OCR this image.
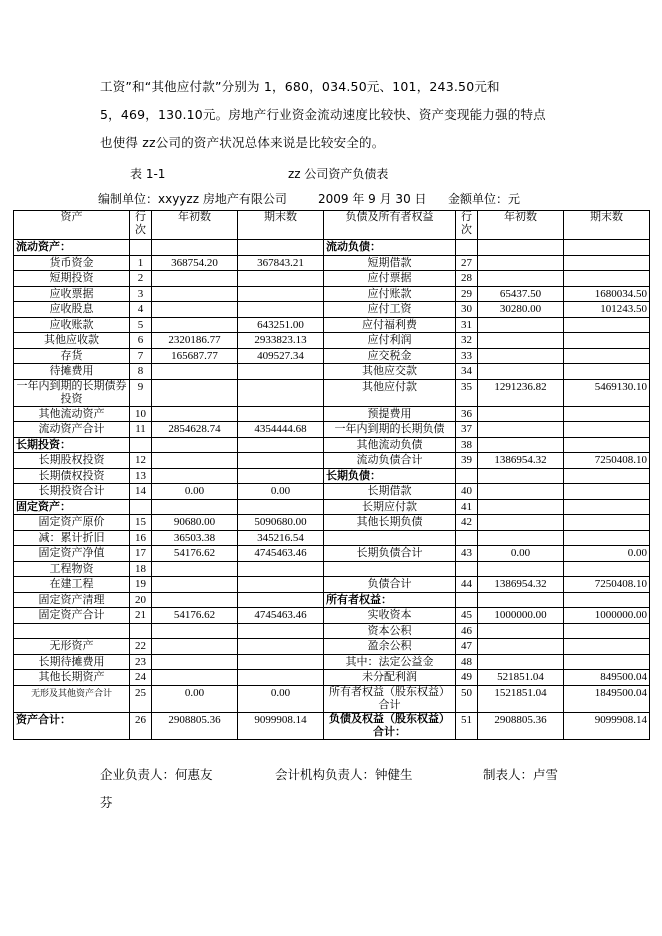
工资”和“其他应付款”分别为 1，680，034.50元、101，243.50元和
5，469，130.10元。房地产行业资金流动速度比较快、资产变现能力强的特点
也使得 zz公司的资产状况总体来说是比较安全的。
表 1-1	zz 公司资产负债表
编制单位：xxyyzz 房地产有限公司	2009 年 9 月 30 日 金额单位：元
资产	行次	年初数	期末数	负债及所有者权益	行次	年初数	期末数
流动资产：				流动负债：			
货币资金	1	368754.20	367843.21	短期借款	27		
短期投资	2			应付票据	28		
应收票据	3			应付账款	29	65437.50	1680034.50
应收股息	4			应付工资	30	30280.00	101243.50
应收账款	5		643251.00	应付福利费	31		
其他应收款	6	2320186.77	2933823.13	应付利润	32		
存货	7	165687.77	409527.34	应交税金	33		
待摊费用	8			其他应交款	34		
一年内到期的长期债券投资	9			其他应付款	35	1291236.82	5469130.10
其他流动资产	10			预提费用	36		
流动资产合计	11	2854628.74	4354444.68	一年内到期的长期负债	37		
长期投资：				其他流动负债	38		
长期股权投资	12			流动负债合计	39	1386954.32	7250408.10
长期债权投资	13			长期负债：			
长期投资合计	14	0.00	0.00	长期借款	40		
固定资产：				长期应付款	41		
固定资产原价	15	90680.00	5090680.00	其他长期负债	42		
减：累计折旧	16	36503.38	345216.54				
固定资产净值	17	54176.62	4745463.46	长期负债合计	43	0.00	0.00
工程物资	18						
在建工程	19			负债合计	44	1386954.32	7250408.10
固定资产清理	20			所有者权益：			
固定资产合计	21	54176.62	4745463.46	实收资本	45	1000000.00	1000000.00
				资本公积	46		
无形资产	22			盈余公积	47		
长期待摊费用	23			其中：法定公益金	48		
其他长期资产	24			未分配利润	49	521851.04	849500.04
无形及其他资产合计	25	0.00	0.00	所有者权益（股东权益）合计	50	1521851.04	1849500.04
资产合计：	26	2908805.36	9099908.14	负债及权益（股东权益）合计：	51	2908805.36	9099908.14
企业负责人：何惠友	会计机构负责人：钟健生	制表人：卢雪
芬
